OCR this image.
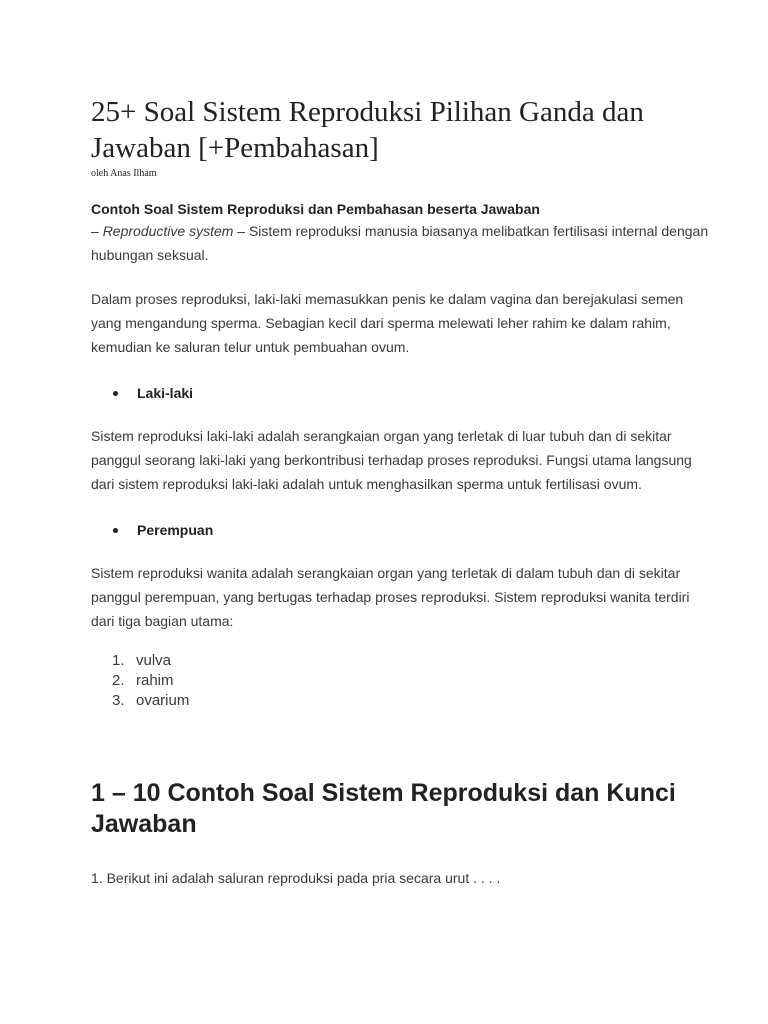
25+ Soal Sistem Reproduksi Pilihan Ganda dan Jawaban [+Pembahasan]
oleh Anas Ilham
Contoh Soal Sistem Reproduksi dan Pembahasan beserta Jawaban

– Reproductive system – Sistem reproduksi manusia biasanya melibatkan fertilisasi internal dengan hubungan seksual.

Dalam proses reproduksi, laki-laki memasukkan penis ke dalam vagina dan berejakulasi semen yang mengandung sperma. Sebagian kecil dari sperma melewati leher rahim ke dalam rahim, kemudian ke saluran telur untuk pembuahan ovum.

Laki-laki

Sistem reproduksi laki-laki adalah serangkaian organ yang terletak di luar tubuh dan di sekitar panggul seorang laki-laki yang berkontribusi terhadap proses reproduksi. Fungsi utama langsung dari sistem reproduksi laki-laki adalah untuk menghasilkan sperma untuk fertilisasi ovum.

Perempuan

Sistem reproduksi wanita adalah serangkaian organ yang terletak di dalam tubuh dan di sekitar panggul perempuan, yang bertugas terhadap proses reproduksi. Sistem reproduksi wanita terdiri dari tiga bagian utama:

1. vulva
2. rahim
3. ovarium
1 – 10 Contoh Soal Sistem Reproduksi dan Kunci Jawaban

1. Berikut ini adalah saluran reproduksi pada pria secara urut . . . .
